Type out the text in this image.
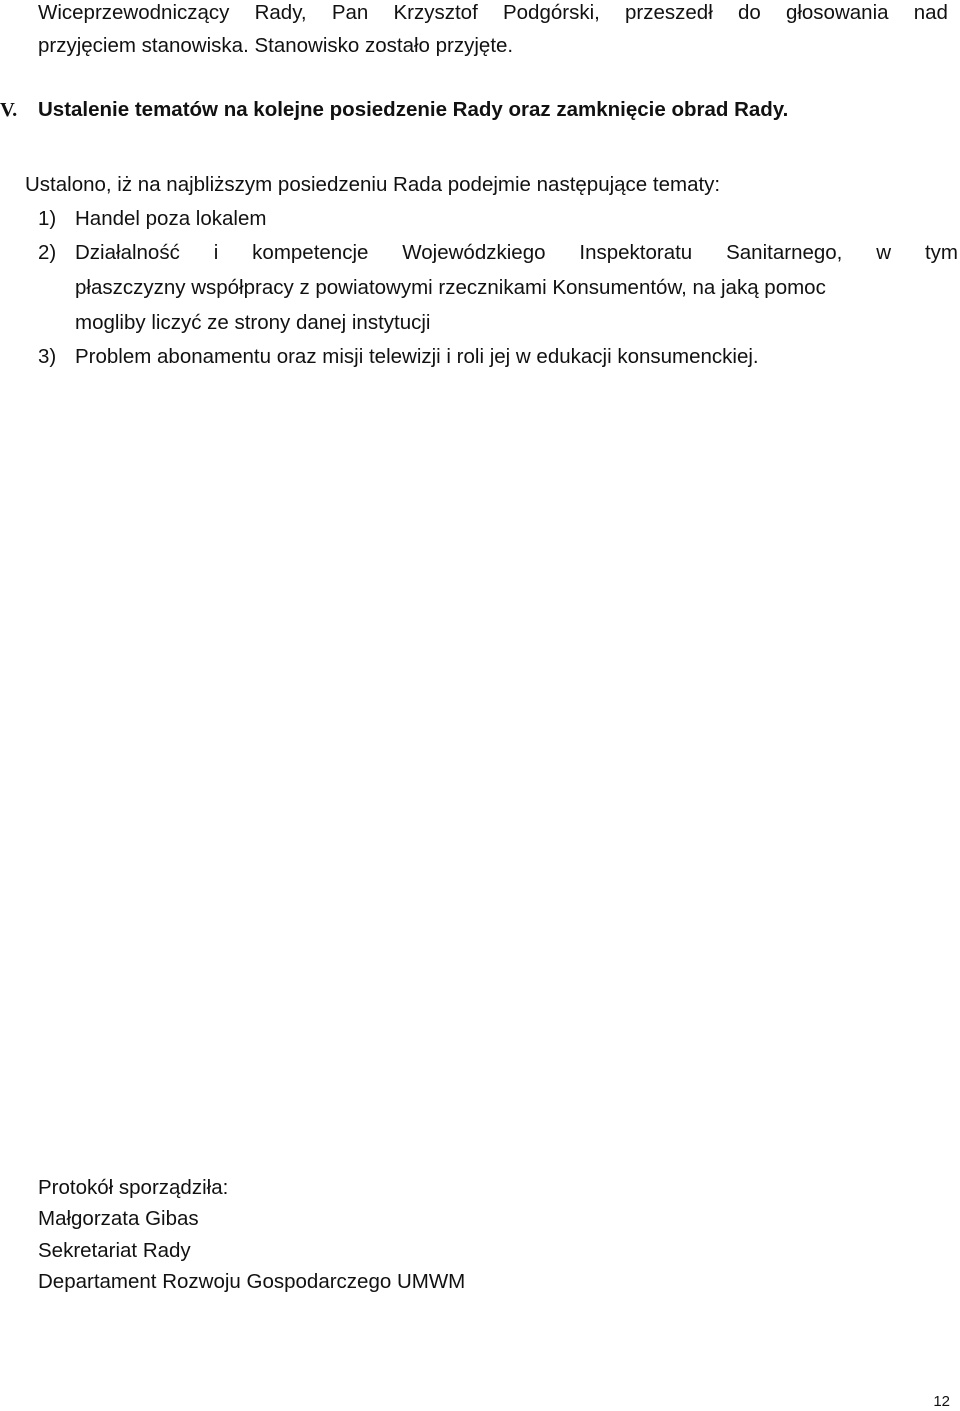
Wiceprzewodniczący Rady, Pan Krzysztof Podgórski, przeszedł do głosowania nad
przyjęciem stanowiska. Stanowisko zostało przyjęte.
V. Ustalenie tematów na kolejne posiedzenie Rady oraz zamknięcie obrad Rady.
Ustalono, iż na najbliższym posiedzeniu Rada podejmie następujące tematy:
1) Handel poza lokalem
2) Działalność i kompetencje Wojewódzkiego Inspektoratu Sanitarnego, w tym
płaszczyzny współpracy z powiatowymi rzecznikami Konsumentów, na jaką pomoc
mogliby liczyć ze strony danej instytucji
3) Problem abonamentu oraz misji telewizji i roli jej w edukacji konsumenckiej.
Protokół sporządziła:
Małgorzata Gibas
Sekretariat Rady
Departament Rozwoju Gospodarczego UMWM
12
